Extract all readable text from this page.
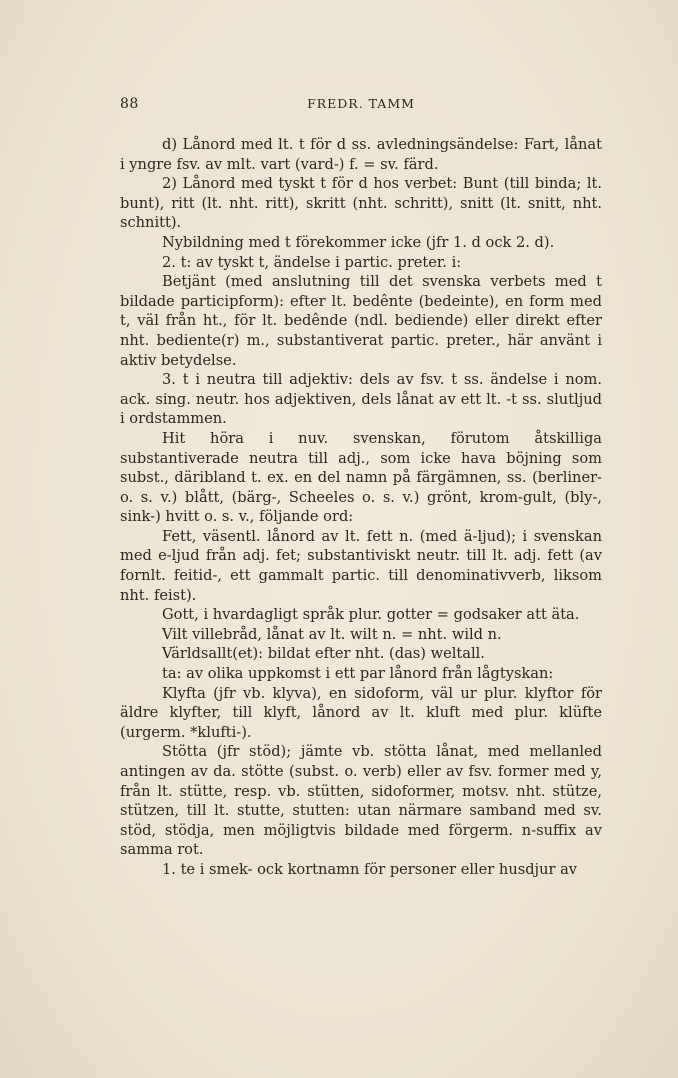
88	FREDR. TAMM

d) Lånord med lt. t för d ss. avledningsändelse: Fart, lånat i yngre fsv. av mlt. vart (vard-) f. = sv. färd.

2) Lånord med tyskt t för d hos verbet: Bunt (till binda; lt. bunt), ritt (lt. nht. ritt), skritt (nht. schritt), snitt (lt. snitt, nht. schnitt).

Nybildning med t förekommer icke (jfr 1. d ock 2. d).

2. t: av tyskt t, ändelse i partic. preter. i:

Betjänt (med anslutning till det svenska verbets med t bildade participform): efter lt. bedênte (bedeinte), en form med t, väl från ht., för lt. bedênde (ndl. bediende) eller direkt efter nht. bediente(r) m., substantiverat partic. preter., här använt i aktiv betydelse.

3. t i neutra till adjektiv: dels av fsv. t ss. ändelse i nom. ack. sing. neutr. hos adjektiven, dels lånat av ett lt. -t ss. slutljud i ordstammen.

Hit höra i nuv. svenskan, förutom åtskilliga substantiverade neutra till adj., som icke hava böjning som subst., däribland t. ex. en del namn på färgämnen, ss. (berliner- o. s. v.) blått, (bärg-, Scheeles o. s. v.) grönt, krom-gult, (bly-, sink-) hvitt o. s. v., följande ord:

Fett, väsentl. lånord av lt. fett n. (med ä-ljud); i svenskan med e-ljud från adj. fet; substantiviskt neutr. till lt. adj. fett (av fornlt. feitid-, ett gammalt partic. till denominativverb, liksom nht. feist).

Gott, i hvardagligt språk plur. gotter = godsaker att äta.

Vilt villebråd, lånat av lt. wilt n. = nht. wild n.

Världsallt(et): bildat efter nht. (das) weltall.

ta: av olika uppkomst i ett par lånord från lågtyskan:

Klyfta (jfr vb. klyva), en sidoform, väl ur plur. klyftor för äldre klyfter, till klyft, lånord av lt. kluft med plur. klüfte (urgerm. *klufti-).

Stötta (jfr stöd); jämte vb. stötta lånat, med mellanled antingen av da. stötte (subst. o. verb) eller av fsv. former med y, från lt. stütte, resp. vb. stütten, sidoformer, motsv. nht. stütze, stützen, till lt. stutte, stutten: utan närmare samband med sv. stöd, stödja, men möjligtvis bildade med förgerm. n-suffix av samma rot.

1. te i smek- ock kortnamn för personer eller husdjur av
